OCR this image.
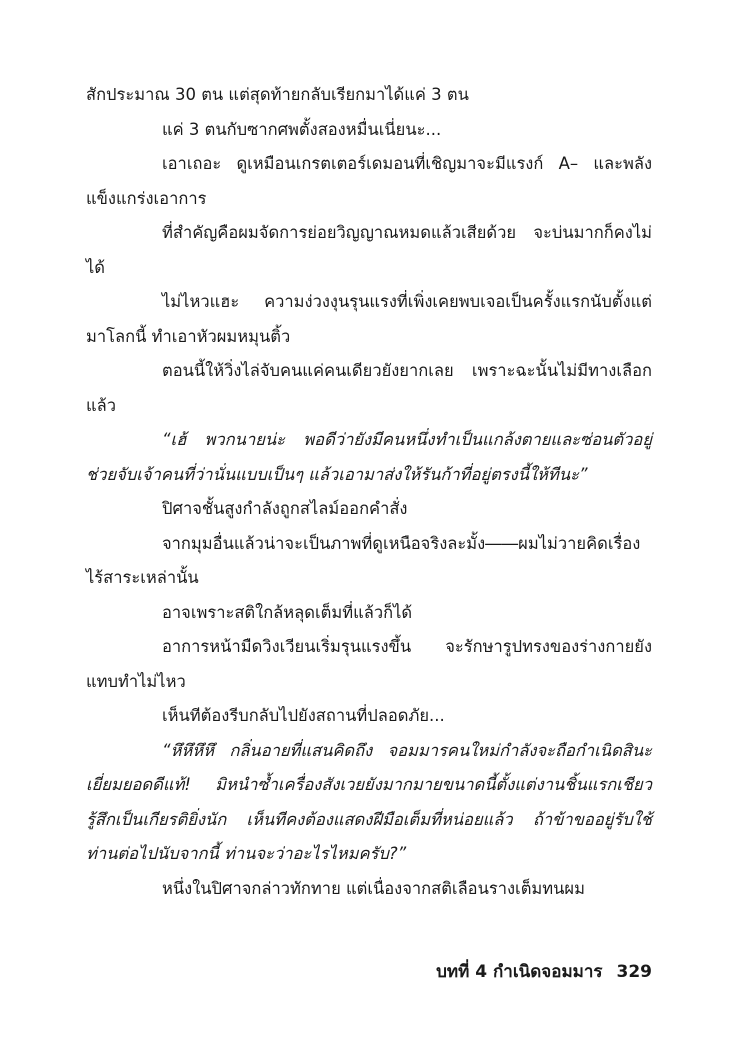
สักประมาณ 30 ตน แต่สุดท้ายกลับเรียกมาได้แค่ 3 ตน

แค่ 3 ตนกับซากศพตั้งสองหมื่นเนี่ยนะ...

เอาเถอะ ดูเหมือนเกรตเตอร์เดมอนที่เชิญมาจะมีแรงก์ A– และพลังแข็งแกร่งเอาการ

ที่สำคัญคือผมจัดการย่อยวิญญาณหมดแล้วเสียด้วย จะบ่นมากก็คงไม่ได้

ไม่ไหวแฮะ ความง่วงงุนรุนแรงที่เพิ่งเคยพบเจอเป็นครั้งแรกนับตั้งแต่มาโลกนี้ ทำเอาหัวผมหมุนติ้ว

ตอนนี้ให้วิ่งไล่จับคนแค่คนเดียวยังยากเลย เพราะฉะนั้นไม่มีทางเลือกแล้ว

“เฮ้ พวกนายน่ะ พอดีว่ายังมีคนหนึ่งทำเป็นแกล้งตายและซ่อนตัวอยู่ ช่วยจับเจ้าคนที่ว่านั่นแบบเป็นๆ แล้วเอามาส่งให้รันก้าที่อยู่ตรงนี้ให้ทีนะ”

ปิศาจชั้นสูงกำลังถูกสไลม์ออกคำสั่ง

จากมุมอื่นแล้วน่าจะเป็นภาพที่ดูเหนือจริงละมั้ง――ผมไม่วายคิดเรื่องไร้สาระเหล่านั้น

อาจเพราะสติใกล้หลุดเต็มที่แล้วก็ได้

อาการหน้ามืดวิงเวียนเริ่มรุนแรงขึ้น จะรักษารูปทรงของร่างกายยังแทบทำไม่ไหว

เห็นทีต้องรีบกลับไปยังสถานที่ปลอดภัย...

“หึหึหึหึ กลิ่นอายที่แสนคิดถึง จอมมารคนใหม่กำลังจะถือกำเนิดสินะ เยี่ยมยอดดีแท้! มิหนำซ้ำเครื่องสังเวยยังมากมายขนาดนี้ตั้งแต่งานชิ้นแรกเชียว รู้สึกเป็นเกียรติยิ่งนัก เห็นทีคงต้องแสดงฝีมือเต็มที่หน่อยแล้ว ถ้าข้าขออยู่รับใช้ท่านต่อไปนับจากนี้ ท่านจะว่าอะไรไหมครับ?”

หนึ่งในปิศาจกล่าวทักทาย แต่เนื่องจากสติเลือนรางเต็มทนผม

บทที่ 4 กำเนิดจอมมาร 329
